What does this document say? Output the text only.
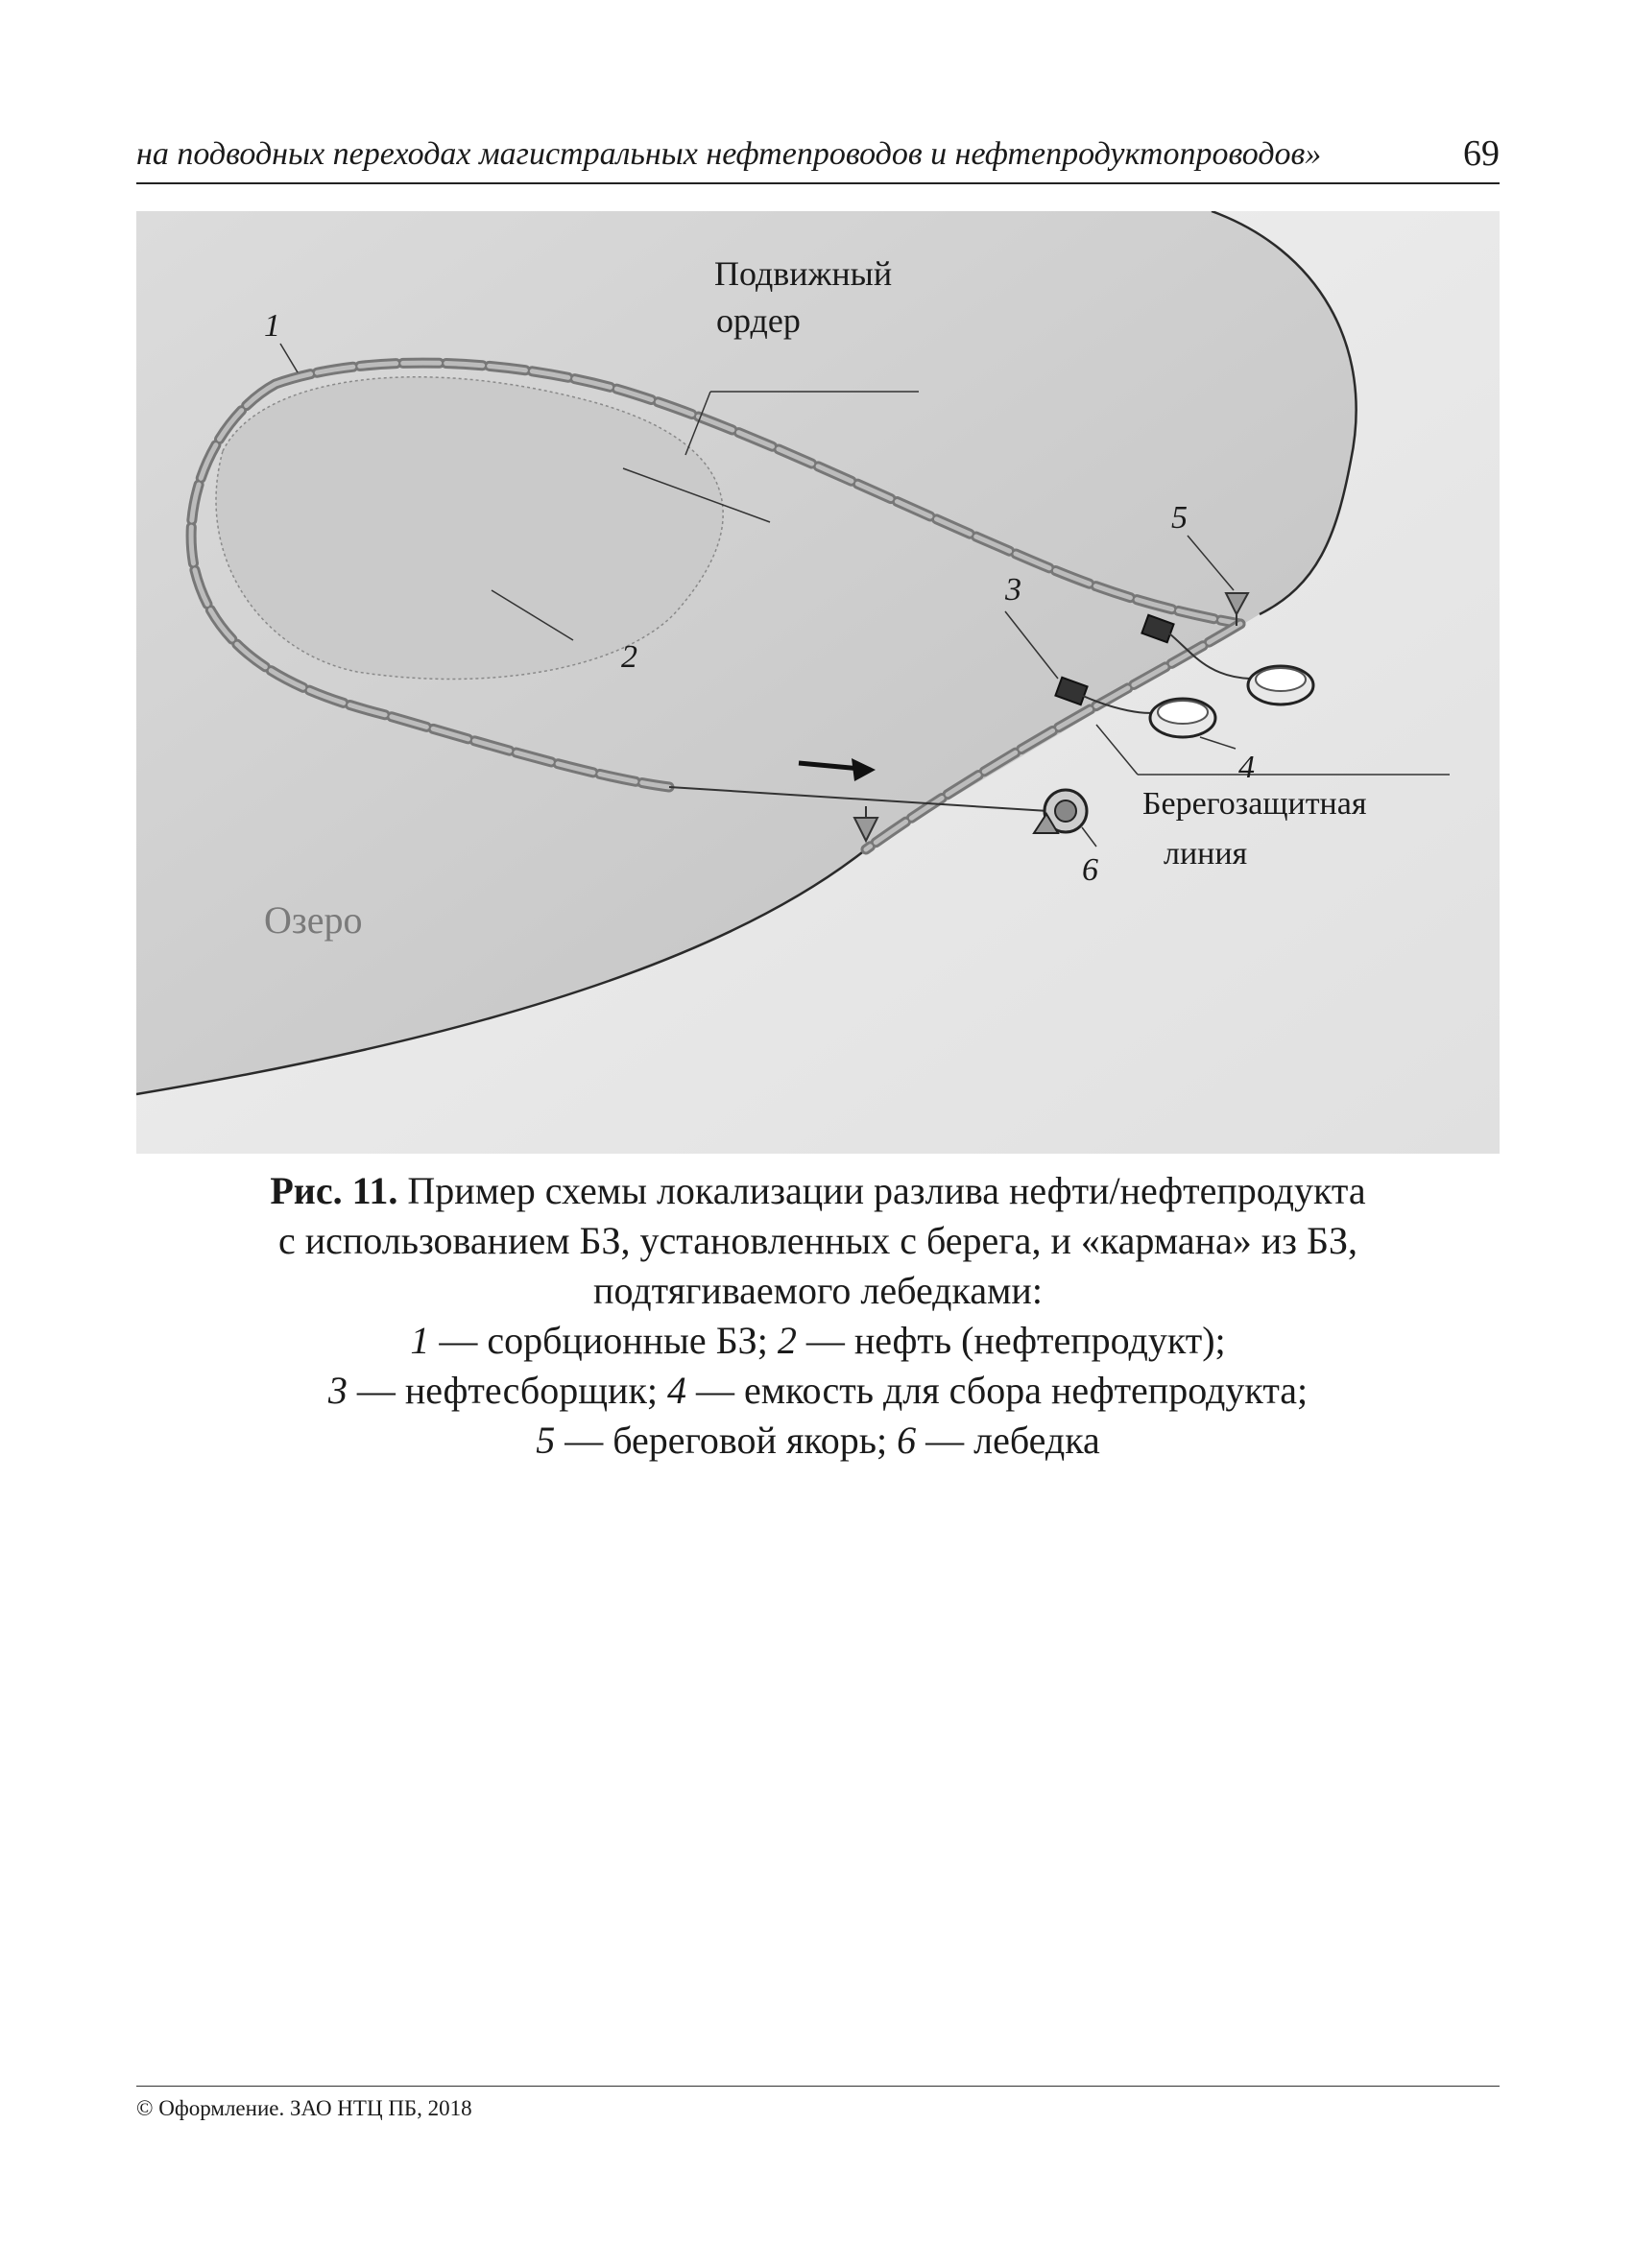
на подводных переходах магистральных нефтепроводов и нефтепродуктопроводов»	69
Подвижный
ордер
Берегозащитная
линия
Озеро
1
2
3
4
5
6
Рис. 11. Пример схемы локализации разлива нефти/нефтепродукта
с использованием БЗ, установленных с берега, и «кармана» из БЗ,
подтягиваемого лебедками:
1 — сорбционные БЗ; 2 — нефть (нефтепродукт);
3 — нефтесборщик; 4 — емкость для сбора нефтепродукта;
5 — береговой якорь; 6 — лебедка
© Оформление. ЗАО НТЦ ПБ, 2018
